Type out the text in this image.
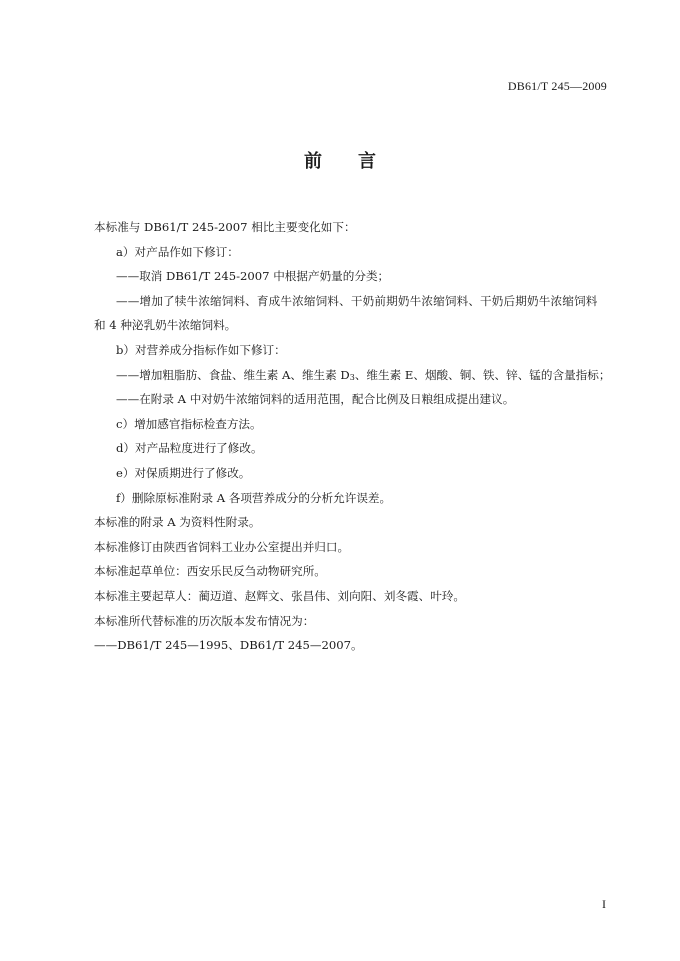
DB61/T 245—2009
前言

本标准与 DB61/T 245-2007 相比主要变化如下：

a）对产品作如下修订：

——取消 DB61/T 245-2007 中根据产奶量的分类；

——增加了犊牛浓缩饲料、育成牛浓缩饲料、干奶前期奶牛浓缩饲料、干奶后期奶牛浓缩饲料

和 4 种泌乳奶牛浓缩饲料。

b）对营养成分指标作如下修订：

——增加粗脂肪、食盐、维生素 A、维生素 $D_3$、维生素 E、烟酸、铜、铁、锌、锰的含量指标；

——在附录 A 中对奶牛浓缩饲料的适用范围，配合比例及日粮组成提出建议。

c）增加感官指标检查方法。

d）对产品粒度进行了修改。

e）对保质期进行了修改。

f）删除原标准附录 A 各项营养成分的分析允许误差。

本标准的附录 A 为资料性附录。

本标准修订由陕西省饲料工业办公室提出并归口。

本标准起草单位：西安乐民反刍动物研究所。

本标准主要起草人：蔺迈道、赵辉文、张昌伟、刘向阳、刘冬霞、叶玲。

本标准所代替标准的历次版本发布情况为：

——DB61/T 245—1995、DB61/T 245—2007。

I
